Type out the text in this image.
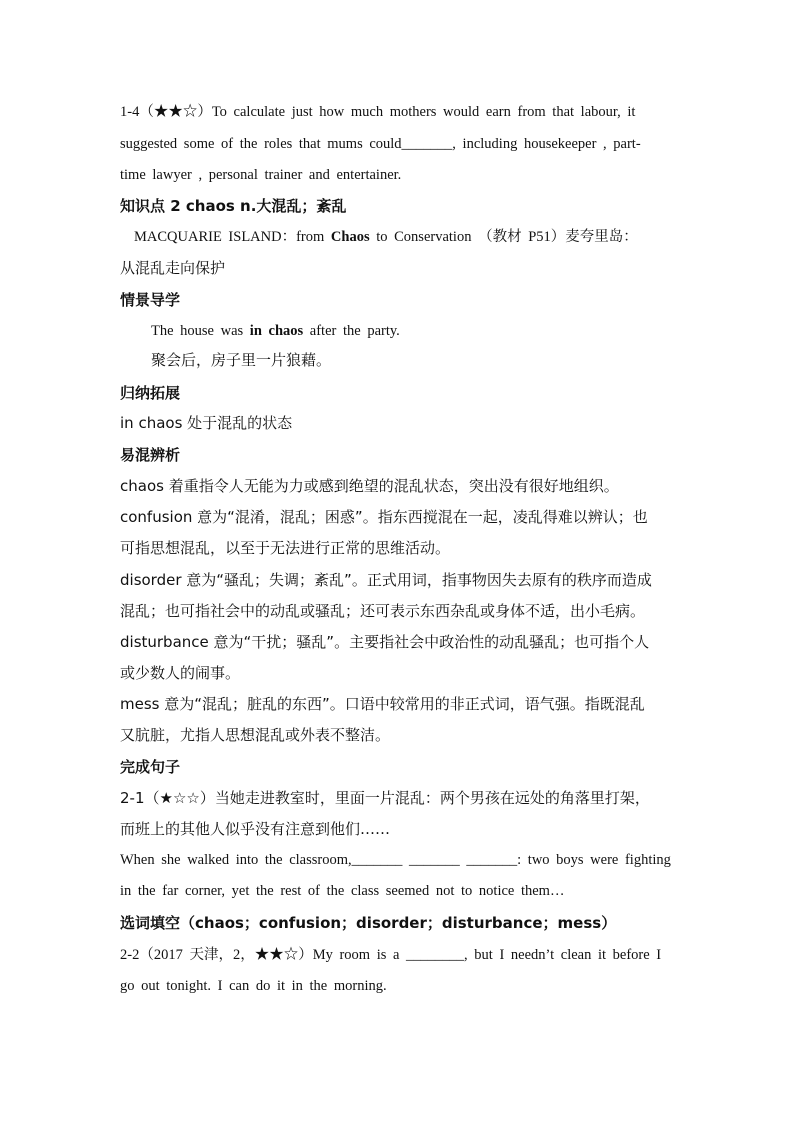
1-4（★★☆）To calculate just how much mothers would earn from that labour, it
suggested some of the roles that mums could_______, including housekeeper , part-
time lawyer , personal trainer and entertainer.
知识点 2 chaos n.大混乱；紊乱
MACQUARIE ISLAND：from Chaos to Conservation （教材 P51）麦夸里岛：
从混乱走向保护
情景导学
The house was in chaos after the party.
聚会后，房子里一片狼藉。
归纳拓展
in chaos 处于混乱的状态
易混辨析
chaos 着重指令人无能为力或感到绝望的混乱状态，突出没有很好地组织。
confusion 意为“混淆，混乱；困惑”。指东西搅混在一起，凌乱得难以辨认；也
可指思想混乱，以至于无法进行正常的思维活动。
disorder 意为“骚乱；失调；紊乱”。正式用词，指事物因失去原有的秩序而造成
混乱；也可指社会中的动乱或骚乱；还可表示东西杂乱或身体不适，出小毛病。
disturbance 意为“干扰；骚乱”。主要指社会中政治性的动乱骚乱；也可指个人
或少数人的闹事。
mess 意为“混乱；脏乱的东西”。口语中较常用的非正式词，语气强。指既混乱
又肮脏，尤指人思想混乱或外表不整洁。
完成句子
2-1（★☆☆）当她走进教室时，里面一片混乱：两个男孩在远处的角落里打架，
而班上的其他人似乎没有注意到他们……
When she walked into the classroom,_______ _______ _______: two boys were fighting
in the far corner, yet the rest of the class seemed not to notice them…
选词填空（chaos；confusion；disorder；disturbance；mess）
2-2（2017 天津，2，★★☆）My room is a ________, but I needn’t clean it before I
go out tonight. I can do it in the morning.
